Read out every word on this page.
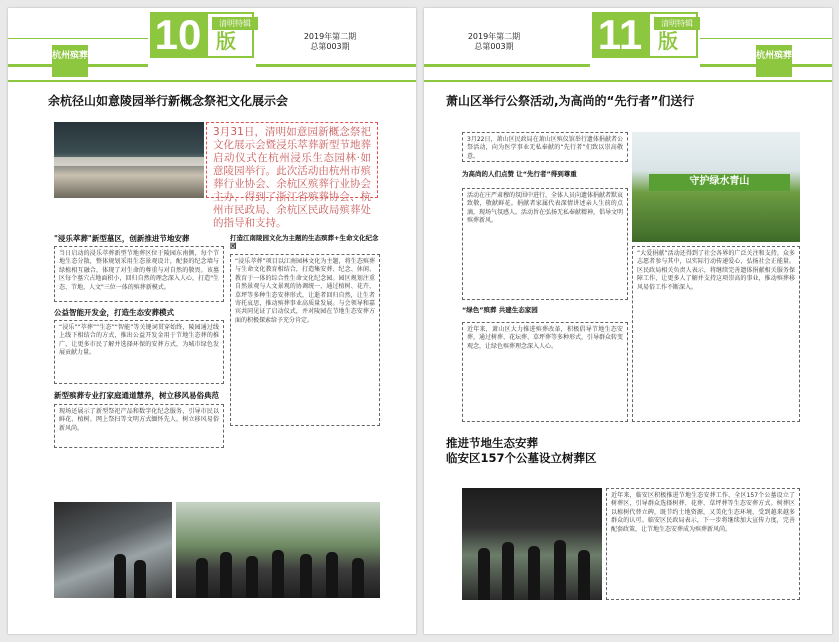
杭州殡葬 10	清明特辑
版	2019年第二期
总第003期
余杭径山如意陵园举行新概念祭祀文化展示会
3月31日，清明如意园新概念祭祀文化展示会暨浸乐萃葬新型节地葬启动仪式在杭州浸乐生态园林·如意陵园举行。此次活动由杭州市殡葬行业协会、余杭区殡葬行业协会主办，得到了浙江省殡葬协会、杭州市民政局、余杭区民政局殡葬处的指导和支持。
"浸乐萃葬"新型墓区，创新推进节地安葬
当日启动的浸乐萃葬新型节地葬区位于陵园东南侧，每个节地生态分散，整体规划采用生态景观设计，配套的纪念墙与绿植相互融合，体现了对生命的尊重与对自然的敬畏。该墓区每个墓穴占地面积小，回归自然的理念深入人心，打造"生态、节地、人文"三位一体的殡葬新模式。
公益智能开发金，打造生态安葬模式
“浸乐”“萃葬”“生态”“智能”等关键词贯穿始终，陵园通过线上线下相结合的方式，推出公益开发金用于节地生态葬的推广，让更多市民了解并选择环保的安葬方式，为城市绿色发展贡献力量。
新型殡葬专业打家庭通道慧养，树立移风易俗典范
现场还展示了新型祭祀产品和数字化纪念服务，引导市民以鲜花、植树、网上祭扫等文明方式缅怀先人，树立移风易俗新风尚。
打造江南陵园文化为主题的生态殡葬+生命文化纪念园
“浸乐萃葬”项目以江南园林文化为主题，将生态殡葬与生命文化教育相结合，打造集安葬、纪念、休闲、教育于一体的综合性生命文化纪念园。园区规划注重自然景观与人文景观的协调统一，通过植树、花卉、草坪等多种生态安葬形式，让逝者回归自然，让生者寄托哀思，推动殡葬事业高质量发展。与会领导和嘉宾共同见证了启动仪式，并对陵园在节地生态安葬方面的积极探索给予充分肯定。
2019年第二期
总第003期	11	清明特辑
版
杭州殡葬
萧山区举行公祭活动,为高尚的“先行者”们送行
3月22日，萧山区民政局在萧山区殡仪馆举行遗体捐献者公祭活动，向为医学事业无私奉献的“先行者”们致以崇高敬意。
为高尚的人们点赞 让“先行者”得到尊重
活动在庄严肃穆的氛围中进行，全体人员向遗体捐献者默哀致敬，敬献鲜花。捐献者家属代表深情讲述亲人生前的点滴，现场气氛感人。活动旨在弘扬无私奉献精神，倡导文明殡葬新风。
“绿色”殡葬 共建生态家园
近年来，萧山区大力推进殡葬改革，积极倡导节地生态安葬，通过树葬、花坛葬、草坪葬等多种形式，引导群众转变观念，让绿色殡葬理念深入人心。
守护绿水青山
“大爱捐献”活动还得到了社会各界的广泛关注和支持，众多志愿者参与其中，以实际行动传递爱心，弘扬社会正能量。区民政局相关负责人表示，将继续完善遗体捐献相关服务保障工作，让更多人了解并支持这项崇高的事业，推动殡葬移风易俗工作不断深入。
推进节地生态安葬
临安区157个公墓设立树葬区
近年来，临安区积极推进节地生态安葬工作，全区157个公墓设立了树葬区，引导群众选择树葬、花葬、草坪葬等生态安葬方式。树葬区以植树代替立碑，既节约土地资源，又美化生态环境，受到越来越多群众的认可。临安区民政局表示，下一步将继续加大宣传力度，完善配套政策，让节地生态安葬成为殡葬新风尚。
